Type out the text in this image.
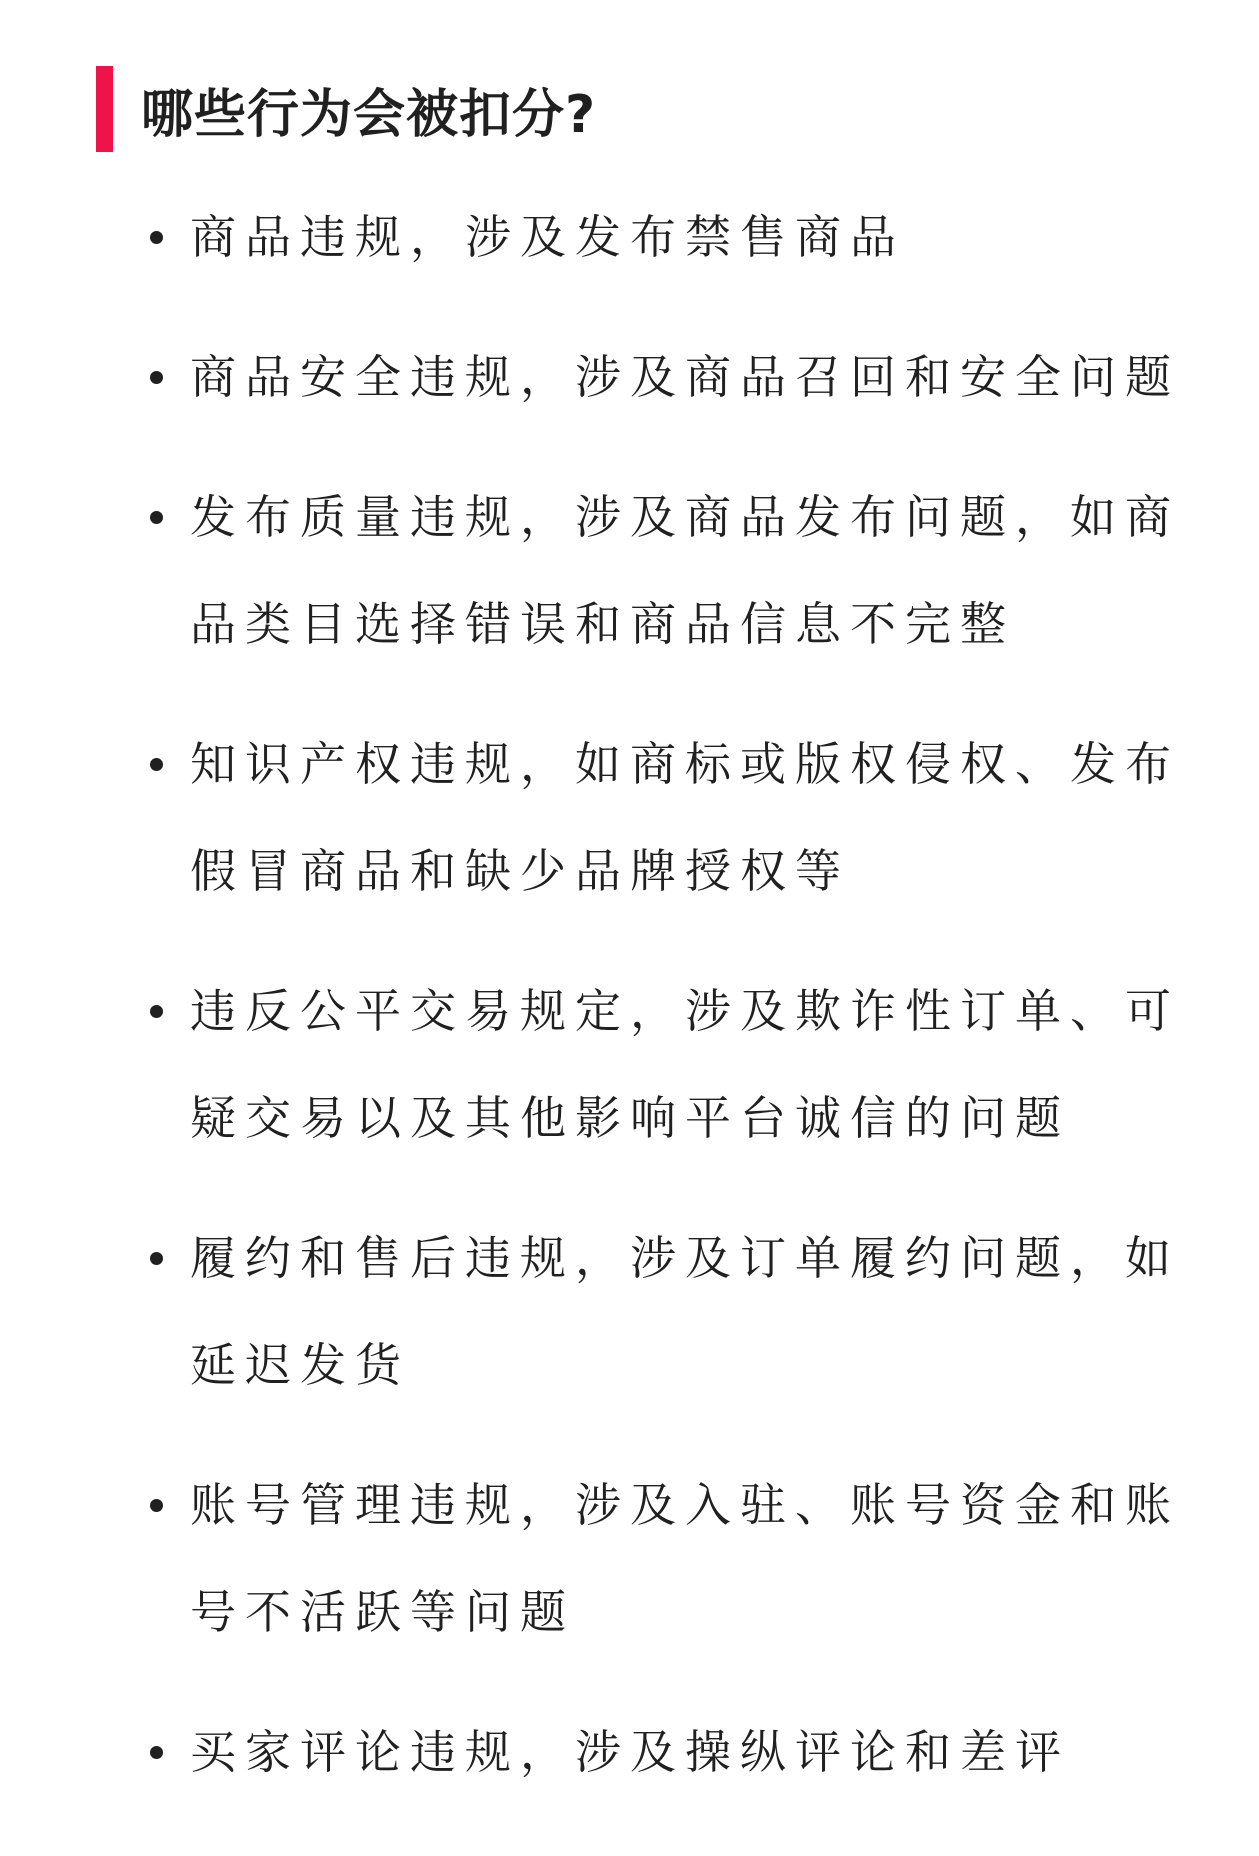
哪些行为会被扣分?
商品违规，涉及发布禁售商品
商品安全违规，涉及商品召回和安全问题
发布质量违规，涉及商品发布问题，如商品类目选择错误和商品信息不完整
知识产权违规，如商标或版权侵权、发布假冒商品和缺少品牌授权等
违反公平交易规定，涉及欺诈性订单、可疑交易以及其他影响平台诚信的问题
履约和售后违规，涉及订单履约问题，如延迟发货
账号管理违规，涉及入驻、账号资金和账号不活跃等问题
买家评论违规，涉及操纵评论和差评
